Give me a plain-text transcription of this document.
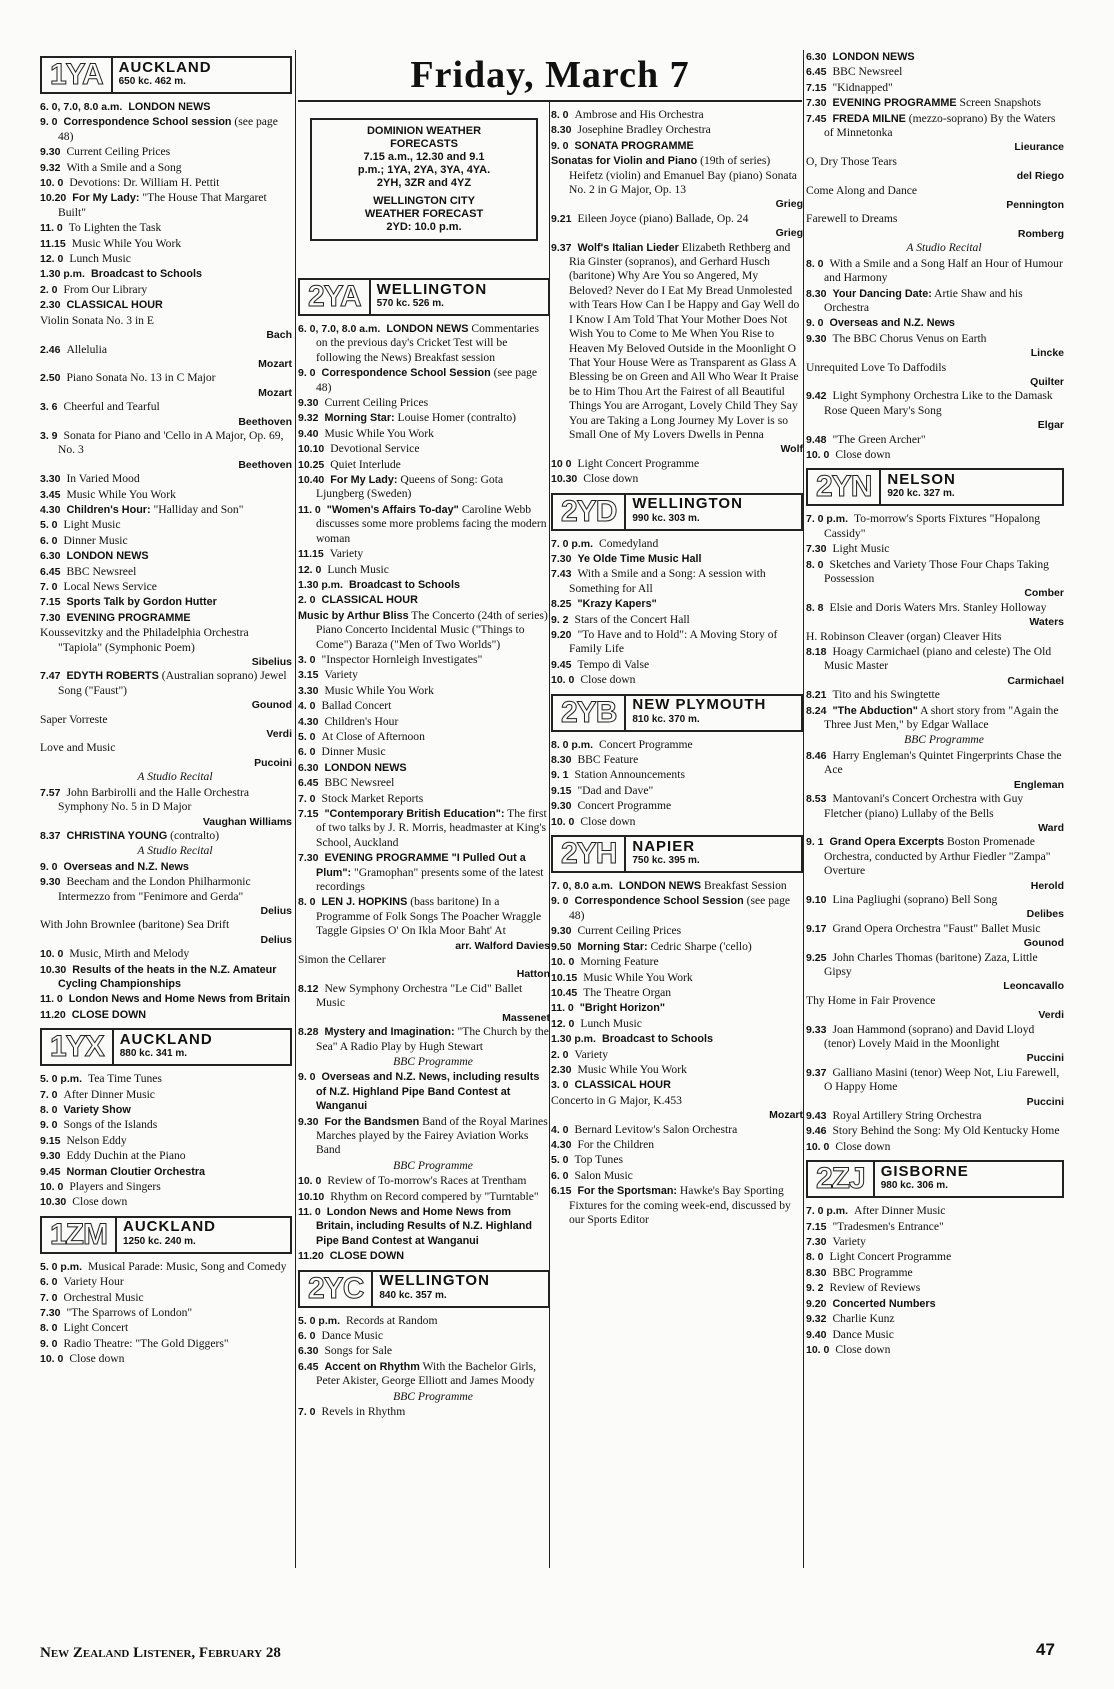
Friday, March 7
1YA	AUCKLAND
650 kc. 462 m.
6. 0, 7.0, 8.0 a.m. LONDON NEWS
9. 0 Correspondence School session (see page 48)
9.30 Current Ceiling Prices
9.32 With a Smile and a Song
10. 0 Devotions: Dr. William H. Pettit
10.20 For My Lady: "The House That Margaret Built"
11. 0 To Lighten the Task
11.15 Music While You Work
12. 0 Lunch Music
1.30 p.m. Broadcast to Schools
2. 0 From Our Library
2.30 CLASSICAL HOUR
Violin Sonata No. 3 in E
Bach
2.46 Allelulia
Mozart
2.50 Piano Sonata No. 13 in C Major
Mozart
3. 6 Cheerful and Tearful
Beethoven
3. 9 Sonata for Piano and 'Cello in A Major, Op. 69, No. 3
Beethoven
3.30 In Varied Mood
3.45 Music While You Work
4.30 Children's Hour: "Halliday and Son"
5. 0 Light Music
6. 0 Dinner Music
6.30 LONDON NEWS
6.45 BBC Newsreel
7. 0 Local News Service
7.15 Sports Talk by Gordon Hutter
7.30 EVENING PROGRAMME
Koussevitzky and the Philadelphia Orchestra "Tapiola" (Symphonic Poem)
Sibelius
7.47 EDYTH ROBERTS (Australian soprano) Jewel Song ("Faust")
Gounod
Saper Vorreste
Verdi
Love and Music
Pucoini
A Studio Recital
7.57 John Barbirolli and the Halle Orchestra Symphony No. 5 in D Major
Vaughan Williams
8.37 CHRISTINA YOUNG (contralto)
A Studio Recital
9. 0 Overseas and N.Z. News
9.30 Beecham and the London Philharmonic Intermezzo from "Fenimore and Gerda"
Delius
With John Brownlee (baritone) Sea Drift
Delius
10. 0 Music, Mirth and Melody
10.30 Results of the heats in the N.Z. Amateur Cycling Championships
11. 0 London News and Home News from Britain
11.20 CLOSE DOWN
1YX	AUCKLAND
880 kc. 341 m.
5. 0 p.m. Tea Time Tunes
7. 0 After Dinner Music
8. 0 Variety Show
9. 0 Songs of the Islands
9.15 Nelson Eddy
9.30 Eddy Duchin at the Piano
9.45 Norman Cloutier Orchestra
10. 0 Players and Singers
10.30 Close down
1ZM	AUCKLAND
1250 kc. 240 m.
5. 0 p.m. Musical Parade: Music, Song and Comedy
6. 0 Variety Hour
7. 0 Orchestral Music
7.30 "The Sparrows of London"
8. 0 Light Concert
9. 0 Radio Theatre: "The Gold Diggers"
10. 0 Close down
DOMINION WEATHER
FORECASTS
7.15 a.m., 12.30 and 9.1
p.m.; 1YA, 2YA, 3YA, 4YA.
2YH, 3ZR and 4YZ
WELLINGTON CITY
WEATHER FORECAST
2YD: 10.0 p.m.
2YA	WELLINGTON
570 kc. 526 m.
6. 0, 7.0, 8.0 a.m. LONDON NEWS Commentaries on the previous day's Cricket Test will be following the News) Breakfast session
9. 0 Correspondence School Session (see page 48)
9.30 Current Ceiling Prices
9.32 Morning Star: Louise Homer (contralto)
9.40 Music While You Work
10.10 Devotional Service
10.25 Quiet Interlude
10.40 For My Lady: Queens of Song: Gota Ljungberg (Sweden)
11. 0 "Women's Affairs To-day" Caroline Webb discusses some more problems facing the modern woman
11.15 Variety
12. 0 Lunch Music
1.30 p.m. Broadcast to Schools
2. 0 CLASSICAL HOUR
Music by Arthur Bliss The Concerto (24th of series) Piano Concerto Incidental Music ("Things to Come") Baraza ("Men of Two Worlds")
3. 0 "Inspector Hornleigh Investigates"
3.15 Variety
3.30 Music While You Work
4. 0 Ballad Concert
4.30 Children's Hour
5. 0 At Close of Afternoon
6. 0 Dinner Music
6.30 LONDON NEWS
6.45 BBC Newsreel
7. 0 Stock Market Reports
7.15 "Contemporary British Education": The first of two talks by J. R. Morris, headmaster at King's School, Auckland
7.30 EVENING PROGRAMME "I Pulled Out a Plum": "Gramophan" presents some of the latest recordings
8. 0 LEN J. HOPKINS (bass baritone) In a Programme of Folk Songs The Poacher Wraggle Taggle Gipsies O' On Ikla Moor Baht' At
arr. Walford Davies
Simon the Cellarer
Hatton
8.12 New Symphony Orchestra "Le Cid" Ballet Music
Massenet
8.28 Mystery and Imagination: "The Church by the Sea" A Radio Play by Hugh Stewart
BBC Programme
9. 0 Overseas and N.Z. News, including results of N.Z. Highland Pipe Band Contest at Wanganui
9.30 For the Bandsmen Band of the Royal Marines Marches played by the Fairey Aviation Works Band
BBC Programme
10. 0 Review of To-morrow's Races at Trentham
10.10 Rhythm on Record compered by "Turntable"
11. 0 London News and Home News from Britain, including Results of N.Z. Highland Pipe Band Contest at Wanganui
11.20 CLOSE DOWN
2YC	WELLINGTON
840 kc. 357 m.
5. 0 p.m. Records at Random
6. 0 Dance Music
6.30 Songs for Sale
6.45 Accent on Rhythm With the Bachelor Girls, Peter Akister, George Elliott and James Moody
BBC Programme
7. 0 Revels in Rhythm
8. 0 Ambrose and His Orchestra
8.30 Josephine Bradley Orchestra
9. 0 SONATA PROGRAMME
Sonatas for Violin and Piano (19th of series) Heifetz (violin) and Emanuel Bay (piano) Sonata No. 2 in G Major, Op. 13
Grieg
9.21 Eileen Joyce (piano) Ballade, Op. 24
Grieg
9.37 Wolf's Italian Lieder Elizabeth Rethberg and Ria Ginster (sopranos), and Gerhard Husch (baritone) Why Are You so Angered, My Beloved? Never do I Eat My Bread Unmolested with Tears How Can I be Happy and Gay Well do I Know I Am Told That Your Mother Does Not Wish You to Come to Me When You Rise to Heaven My Beloved Outside in the Moonlight O That Your House Were as Transparent as Glass A Blessing be on Green and All Who Wear It Praise be to Him Thou Art the Fairest of all Beautiful Things You are Arrogant, Lovely Child They Say You are Taking a Long Journey My Lover is so Small One of My Lovers Dwells in Penna
Wolf
10 0 Light Concert Programme
10.30 Close down
2YD	WELLINGTON
990 kc. 303 m.
7. 0 p.m. Comedyland
7.30 Ye Olde Time Music Hall
7.43 With a Smile and a Song: A session with Something for All
8.25 "Krazy Kapers"
9. 2 Stars of the Concert Hall
9.20 "To Have and to Hold": A Moving Story of Family Life
9.45 Tempo di Valse
10. 0 Close down
2YB	NEW PLYMOUTH
810 kc. 370 m.
8. 0 p.m. Concert Programme
8.30 BBC Feature
9. 1 Station Announcements
9.15 "Dad and Dave"
9.30 Concert Programme
10. 0 Close down
2YH	NAPIER
750 kc. 395 m.
7. 0, 8.0 a.m. LONDON NEWS Breakfast Session
9. 0 Correspondence School Session (see page 48)
9.30 Current Ceiling Prices
9.50 Morning Star: Cedric Sharpe ('cello)
10. 0 Morning Feature
10.15 Music While You Work
10.45 The Theatre Organ
11. 0 "Bright Horizon"
12. 0 Lunch Music
1.30 p.m. Broadcast to Schools
2. 0 Variety
2.30 Music While You Work
3. 0 CLASSICAL HOUR
Concerto in G Major, K.453
Mozart
4. 0 Bernard Levitow's Salon Orchestra
4.30 For the Children
5. 0 Top Tunes
6. 0 Salon Music
6.15 For the Sportsman: Hawke's Bay Sporting Fixtures for the coming week-end, discussed by our Sports Editor
6.30 LONDON NEWS
6.45 BBC Newsreel
7.15 "Kidnapped"
7.30 EVENING PROGRAMME Screen Snapshots
7.45 FREDA MILNE (mezzo-soprano) By the Waters of Minnetonka
Lieurance
O, Dry Those Tears
del Riego
Come Along and Dance
Pennington
Farewell to Dreams
Romberg
A Studio Recital
8. 0 With a Smile and a Song Half an Hour of Humour and Harmony
8.30 Your Dancing Date: Artie Shaw and his Orchestra
9. 0 Overseas and N.Z. News
9.30 The BBC Chorus Venus on Earth
Lincke
Unrequited Love To Daffodils
Quilter
9.42 Light Symphony Orchestra Like to the Damask Rose Queen Mary's Song
Elgar
9.48 "The Green Archer"
10. 0 Close down
2YN	NELSON
920 kc. 327 m.
7. 0 p.m. To-morrow's Sports Fixtures "Hopalong Cassidy"
7.30 Light Music
8. 0 Sketches and Variety Those Four Chaps Taking Possession
Comber
8. 8 Elsie and Doris Waters Mrs. Stanley Holloway
Waters
H. Robinson Cleaver (organ) Cleaver Hits
8.18 Hoagy Carmichael (piano and celeste) The Old Music Master
Carmichael
8.21 Tito and his Swingtette
8.24 "The Abduction" A short story from "Again the Three Just Men," by Edgar Wallace
BBC Programme
8.46 Harry Engleman's Quintet Fingerprints Chase the Ace
Engleman
8.53 Mantovani's Concert Orchestra with Guy Fletcher (piano) Lullaby of the Bells
Ward
9. 1 Grand Opera Excerpts Boston Promenade Orchestra, conducted by Arthur Fiedler "Zampa" Overture
Herold
9.10 Lina Pagliughi (soprano) Bell Song
Delibes
9.17 Grand Opera Orchestra "Faust" Ballet Music
Gounod
9.25 John Charles Thomas (baritone) Zaza, Little Gipsy
Leoncavallo
Thy Home in Fair Provence
Verdi
9.33 Joan Hammond (soprano) and David Lloyd (tenor) Lovely Maid in the Moonlight
Puccini
9.37 Galliano Masini (tenor) Weep Not, Liu Farewell, O Happy Home
Puccini
9.43 Royal Artillery String Orchestra
9.46 Story Behind the Song: My Old Kentucky Home
10. 0 Close down
2ZJ	GISBORNE
980 kc. 306 m.
7. 0 p.m. After Dinner Music
7.15 "Tradesmen's Entrance"
7.30 Variety
8. 0 Light Concert Programme
8.30 BBC Programme
9. 2 Review of Reviews
9.20 Concerted Numbers
9.32 Charlie Kunz
9.40 Dance Music
10. 0 Close down
New Zealand Listener, February 28	47
